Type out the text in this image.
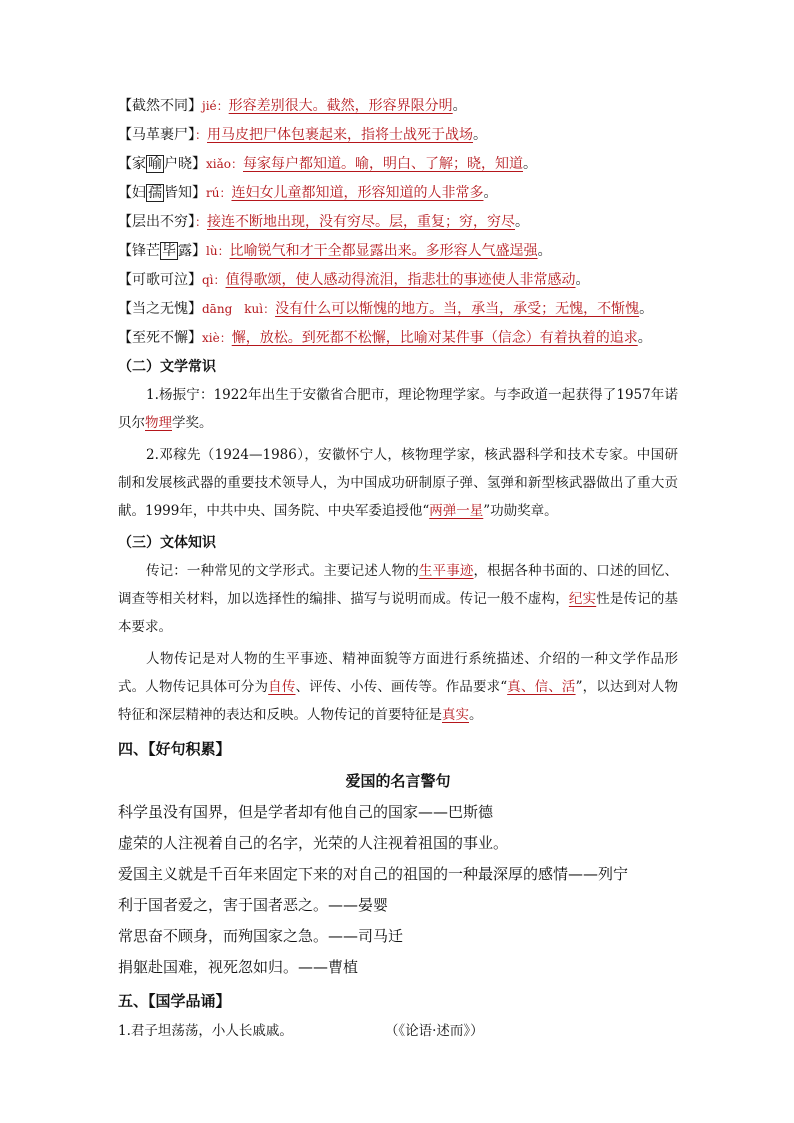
【截然不同】jié：形容差别很大。截然，形容界限分明。
【马革裹尸】：用马皮把尸体包裹起来，指将士战死于战场。
【家 喻 户晓】xiǎo：每家每户都知道。喻，明白、了解；晓，知道。
【妇 孺 皆知】rú：连妇女儿童都知道，形容知道的人非常多。
【层出不穷】：接连不断地出现，没有穷尽。层，重复；穷，穷尽。
【锋芒 毕 露】lù：比喻锐气和才干全都显露出来。多形容人气盛逞强。
【可歌可泣】qì：值得歌颂，使人感动得流泪，指悲壮的事迹使人非常感动。
【当之无愧】dāng　kuì：没有什么可以惭愧的地方。当，承当，承受；无愧，不惭愧。
【至死不懈】xiè：懈，放松。到死都不松懈，比喻对某件事（信念）有着执着的追求。
（二）文学常识

1.杨振宁：1922年出生于安徽省合肥市，理论物理学家。与李政道一起获得了1957年诺贝尔物理学奖。

2.邓稼先（1924—1986），安徽怀宁人，核物理学家，核武器科学和技术专家。中国研制和发展核武器的重要技术领导人，为中国成功研制原子弹、氢弹和新型核武器做出了重大贡献。1999年，中共中央、国务院、中央军委追授他“两弹一星”功勋奖章。

（三）文体知识

传记：一种常见的文学形式。主要记述人物的生平事迹，根据各种书面的、口述的回忆、调查等相关材料，加以选择性的编排、描写与说明而成。传记一般不虚构，纪实性是传记的基本要求。

人物传记是对人物的生平事迹、精神面貌等方面进行系统描述、介绍的一种文学作品形式。人物传记具体可分为自传、评传、小传、画传等。作品要求“真、信、活”，以达到对人物特征和深层精神的表达和反映。人物传记的首要特征是真实。

四、【好句积累】
爱国的名言警句
科学虽没有国界，但是学者却有他自己的国家——巴斯德
虚荣的人注视着自己的名字，光荣的人注视着祖国的事业。
爱国主义就是千百年来固定下来的对自己的祖国的一种最深厚的感情——列宁
利于国者爱之，害于国者恶之。——晏婴
常思奋不顾身，而殉国家之急。——司马迁
捐躯赴国难，视死忽如归。——曹植
五、【国学品诵】
1.君子坦荡荡，小人长戚戚。	（《论语·述而》）
